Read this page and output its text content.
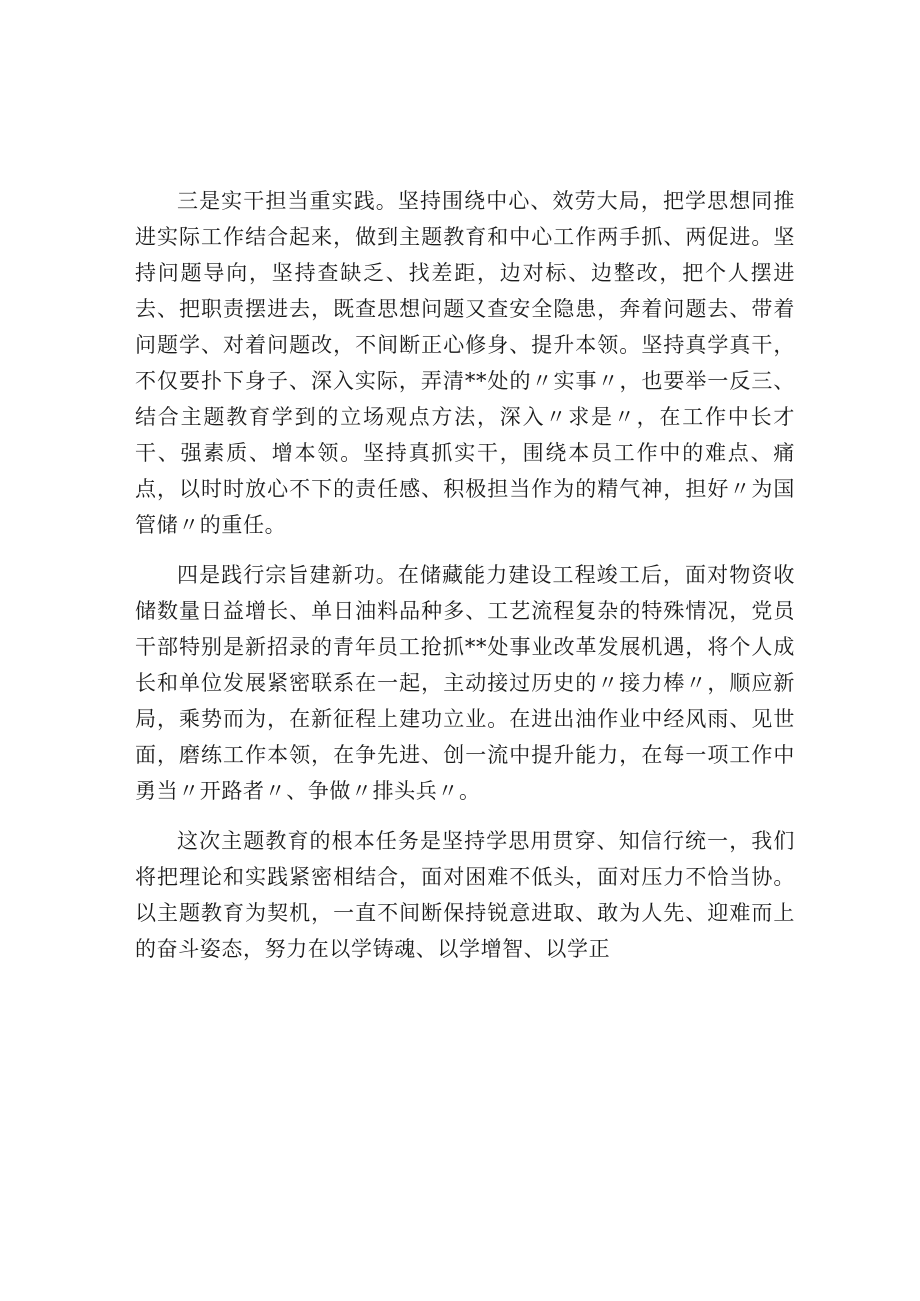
三是实干担当重实践。坚持围绕中心、效劳大局，把学思想同推进实际工作结合起来，做到主题教育和中心工作两手抓、两促进。坚持问题导向，坚持查缺乏、找差距，边对标、边整改，把个人摆进去、把职责摆进去，既查思想问题又查安全隐患，奔着问题去、带着问题学、对着问题改，不间断正心修身、提升本领。坚持真学真干，不仅要扑下身子、深入实际，弄清**处的〃实事〃，也要举一反三、结合主题教育学到的立场观点方法，深入〃求是〃，在工作中长才干、强素质、增本领。坚持真抓实干，围绕本员工作中的难点、痛点，以时时放心不下的责任感、积极担当作为的精气神，担好〃为国管储〃的重任。

四是践行宗旨建新功。在储藏能力建设工程竣工后，面对物资收储数量日益增长、单日油料品种多、工艺流程复杂的特殊情况，党员干部特别是新招录的青年员工抢抓**处事业改革发展机遇，将个人成长和单位发展紧密联系在一起，主动接过历史的〃接力棒〃，顺应新局，乘势而为，在新征程上建功立业。在进出油作业中经风雨、见世面，磨练工作本领，在争先进、创一流中提升能力，在每一项工作中勇当〃开路者〃、争做〃排头兵〃。

这次主题教育的根本任务是坚持学思用贯穿、知信行统一，我们将把理论和实践紧密相结合，面对困难不低头，面对压力不恰当协。以主题教育为契机，一直不间断保持锐意进取、敢为人先、迎难而上的奋斗姿态，努力在以学铸魂、以学增智、以学正
